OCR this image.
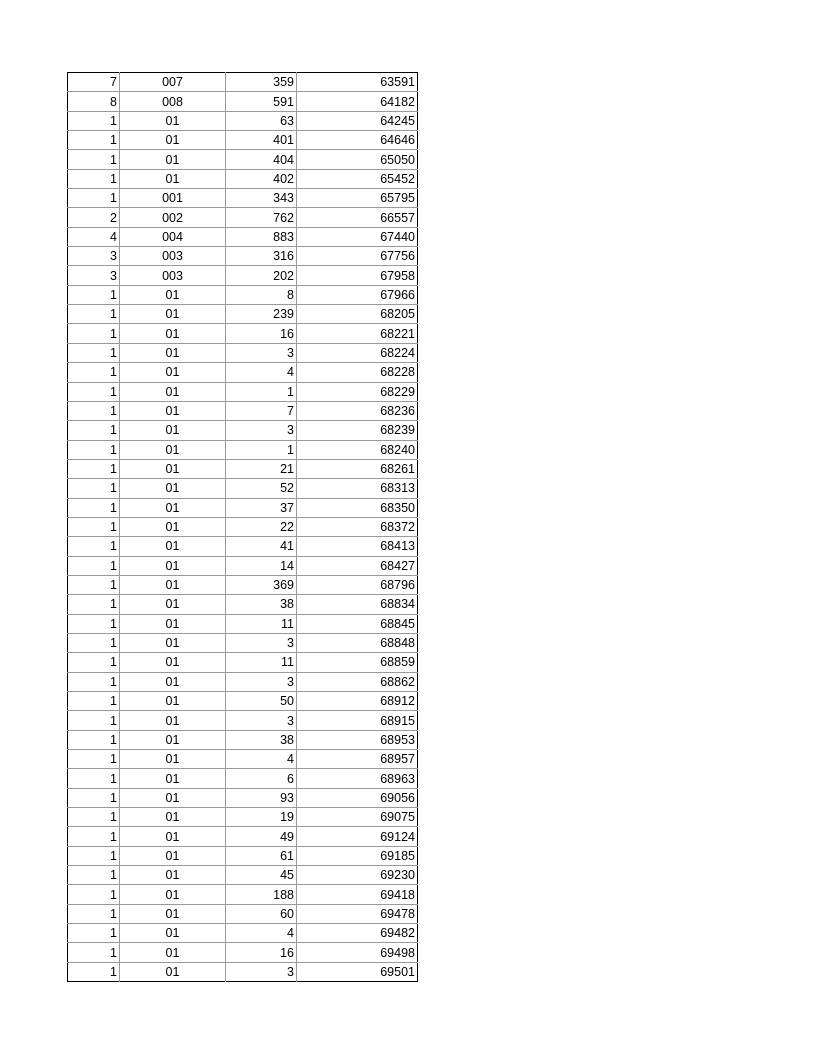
7	007	359	63591
8	008	591	64182
1	01	63	64245
1	01	401	64646
1	01	404	65050
1	01	402	65452
1	001	343	65795
2	002	762	66557
4	004	883	67440
3	003	316	67756
3	003	202	67958
1	01	8	67966
1	01	239	68205
1	01	16	68221
1	01	3	68224
1	01	4	68228
1	01	1	68229
1	01	7	68236
1	01	3	68239
1	01	1	68240
1	01	21	68261
1	01	52	68313
1	01	37	68350
1	01	22	68372
1	01	41	68413
1	01	14	68427
1	01	369	68796
1	01	38	68834
1	01	11	68845
1	01	3	68848
1	01	11	68859
1	01	3	68862
1	01	50	68912
1	01	3	68915
1	01	38	68953
1	01	4	68957
1	01	6	68963
1	01	93	69056
1	01	19	69075
1	01	49	69124
1	01	61	69185
1	01	45	69230
1	01	188	69418
1	01	60	69478
1	01	4	69482
1	01	16	69498
1	01	3	69501
